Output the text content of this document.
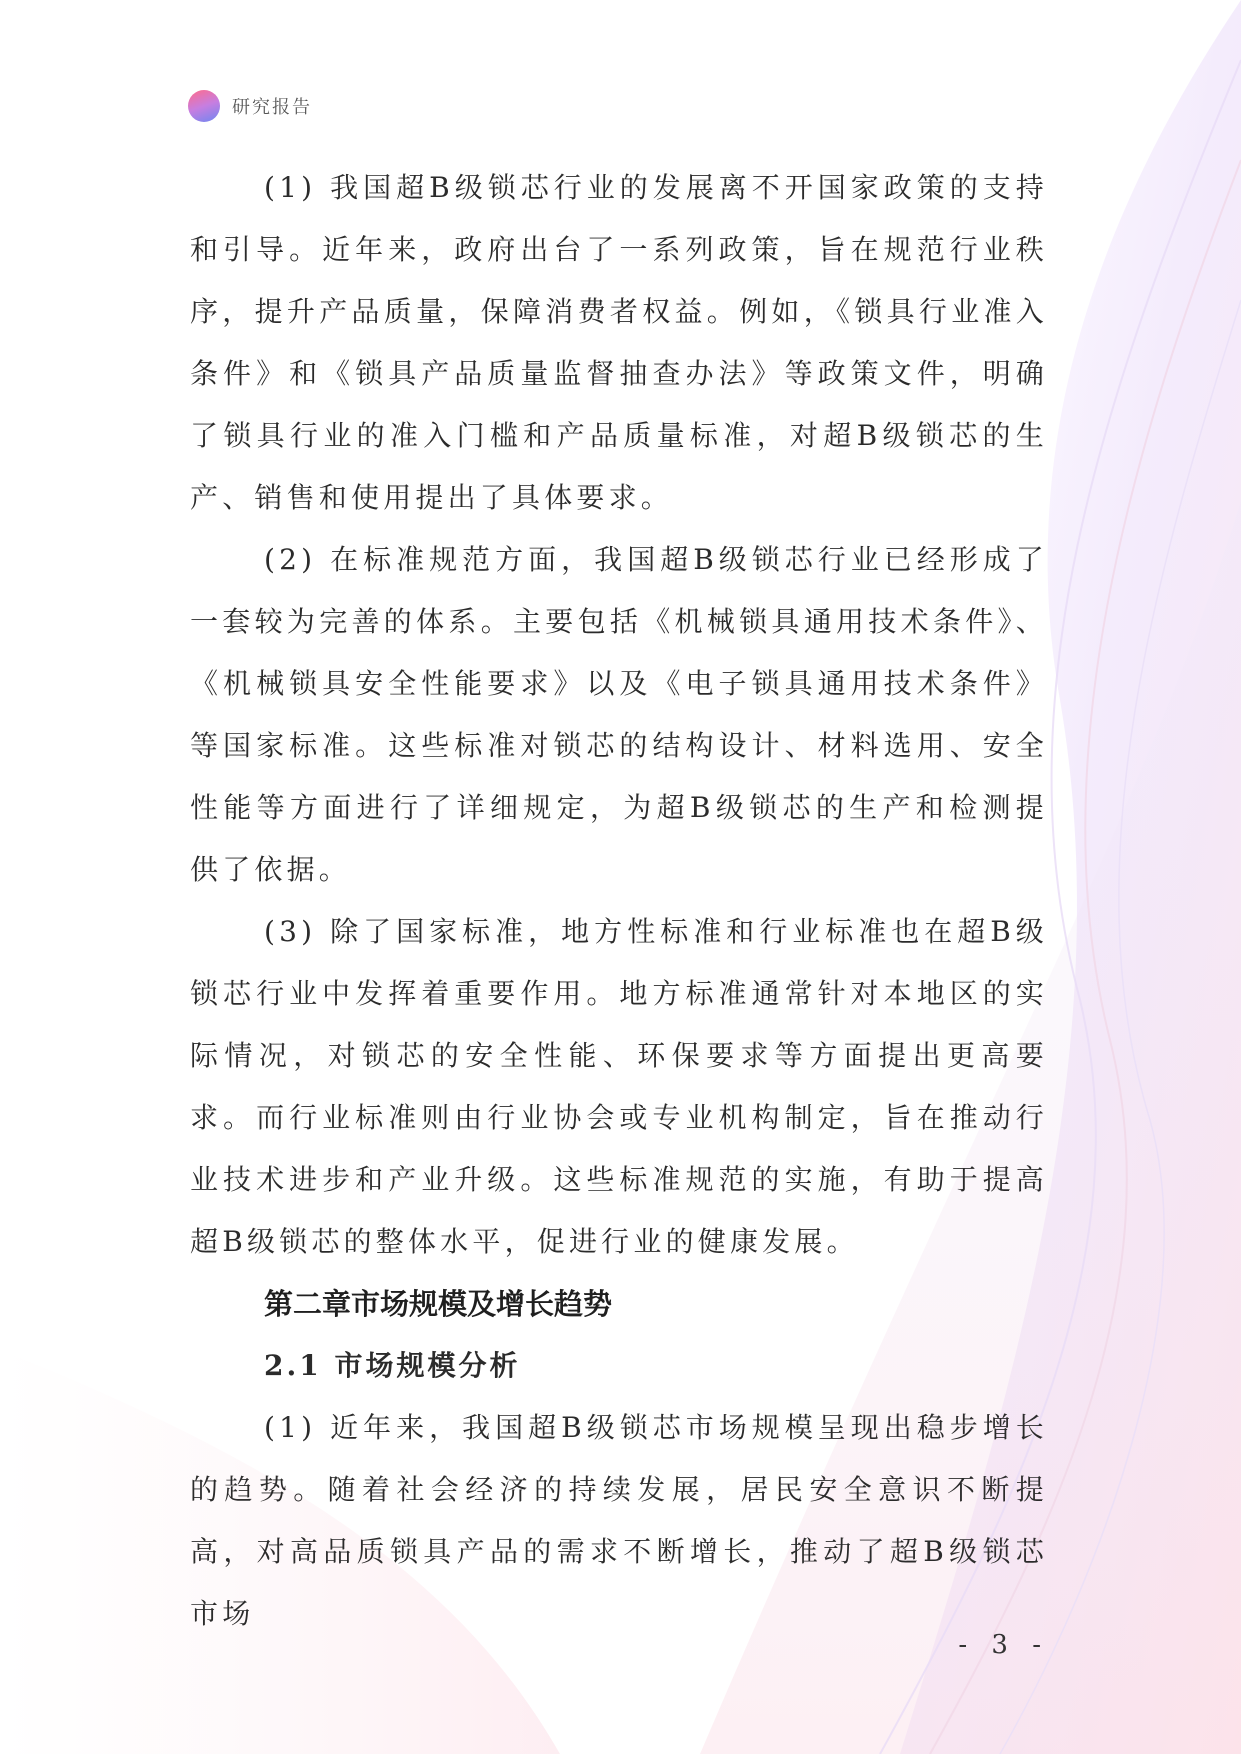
研究报告

(1) 我国超B级锁芯行业的发展离不开国家政策的支持和引导。近年来，政府出台了一系列政策，旨在规范行业秩序，提升产品质量，保障消费者权益。例如，《锁具行业准入条件》和《锁具产品质量监督抽查办法》等政策文件，明确了锁具行业的准入门槛和产品质量标准，对超B级锁芯的生产、销售和使用提出了具体要求。

(2) 在标准规范方面，我国超B级锁芯行业已经形成了一套较为完善的体系。主要包括《机械锁具通用技术条件》、《机械锁具安全性能要求》以及《电子锁具通用技术条件》等国家标准。这些标准对锁芯的结构设计、材料选用、安全性能等方面进行了详细规定，为超B级锁芯的生产和检测提供了依据。

(3) 除了国家标准，地方性标准和行业标准也在超B级锁芯行业中发挥着重要作用。地方标准通常针对本地区的实际情况，对锁芯的安全性能、环保要求等方面提出更高要求。而行业标准则由行业协会或专业机构制定，旨在推动行业技术进步和产业升级。这些标准规范的实施，有助于提高超B级锁芯的整体水平，促进行业的健康发展。

第二章市场规模及增长趋势
2.1 市场规模分析

(1) 近年来，我国超B级锁芯市场规模呈现出稳步增长的趋势。随着社会经济的持续发展，居民安全意识不断提高，对高品质锁具产品的需求不断增长，推动了超B级锁芯市场

- 3 -
